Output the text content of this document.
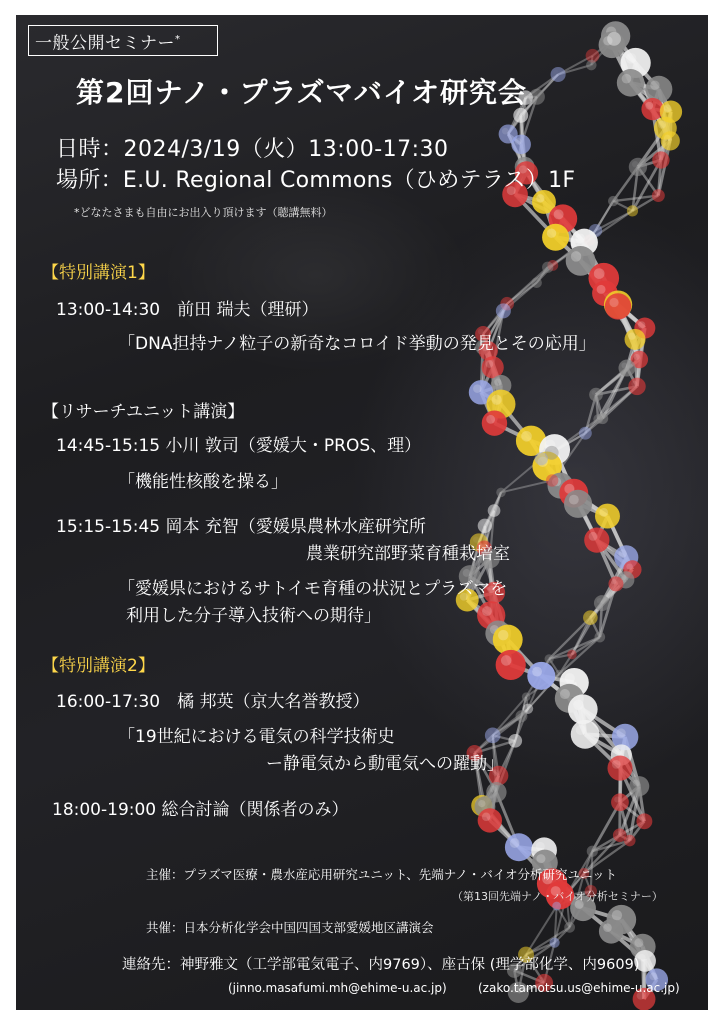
一般公開セミナー*
第2回ナノ・プラズマバイオ研究会
日時：2024/3/19（火）13:00-17:30
場所：E.U. Regional Commons（ひめテラス）1F
*どなたさまも自由にお出入り頂けます（聴講無料）
【特別講演1】
13:00-14:30　前田 瑞夫（理研）
「DNA担持ナノ粒子の新奇なコロイド挙動の発見とその応用」
【リサーチユニット講演】
14:45-15:15 小川 敦司（愛媛大・PROS、理）
「機能性核酸を操る」
15:15-15:45 岡本 充智（愛媛県農林水産研究所
農業研究部野菜育種栽培室
「愛媛県におけるサトイモ育種の状況とプラズマを
利用した分子導入技術への期待」
【特別講演2】
16:00-17:30　橘 邦英（京大名誉教授）
「19世紀における電気の科学技術史
ー静電気から動電気への躍動」
18:00-19:00 総合討論（関係者のみ）
主催：プラズマ医療・農水産応用研究ユニット、先端ナノ・バイオ分析研究ユニット
（第13回先端ナノ・バイオ分析セミナー）
共催：日本分析化学会中国四国支部愛媛地区講演会
連絡先：神野雅文（工学部電気電子、内9769）、座古保 (理学部化学、内9609)
(jinno.masafumi.mh@ehime-u.ac.jp)	(zako.tamotsu.us@ehime-u.ac.jp)
